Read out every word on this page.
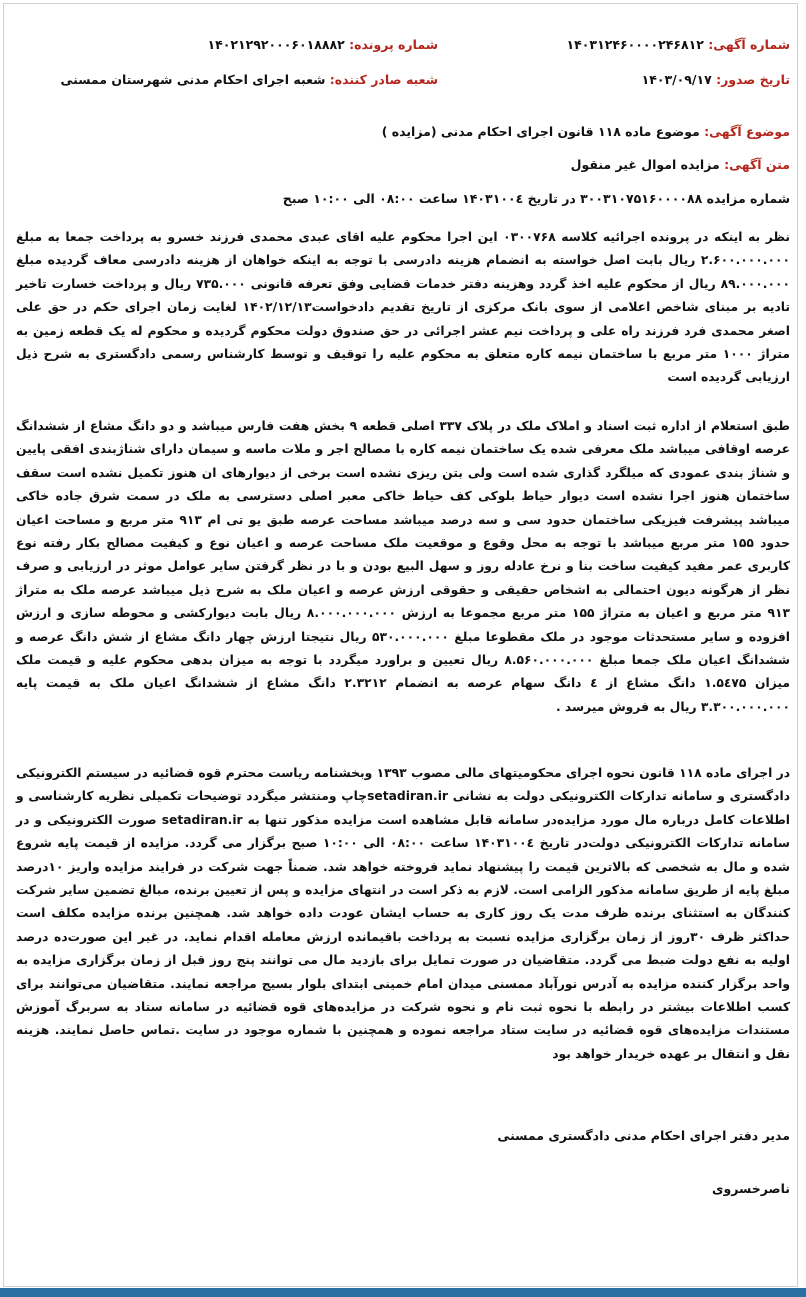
شماره آگهی: ۱۴۰۳۱۲۴۶۰۰۰۰۲۴۶۸۱۲
شماره پرونده: ۱۴۰۲۱۲۹۲۰۰۰۶۰۱۸۸۸۲
تاریخ صدور: ۱۴۰۳/۰۹/۱۷
شعبه صادر کننده: شعبه اجرای احکام مدنی شهرستان ممسنی
موضوع آگهی: موضوع ماده ۱۱۸ قانون اجرای احکام مدنی (مزایده )
متن آگهی: مزایده اموال غیر منقول
شماره مزایده ۳۰۰۳۱۰۷۵۱۶۰۰۰۰۸۸ در تاریخ ۱۴۰۳۱۰۰٤ ساعت ۰۸:۰۰ الی ۱۰:۰۰ صبح
نظر به اینکه در پرونده اجرائیه کلاسه ۰۳۰۰۷۶۸ این اجرا محکوم علیه اقای عبدی محمدی فرزند خسرو به پرداخت جمعا به مبلغ ۲.۶۰۰.۰۰۰.۰۰۰ ریال بابت اصل خواسته به انضمام هزینه دادرسی با توجه به اینکه خواهان از هزینه دادرسی معاف گردیده مبلغ ۸۹.۰۰۰.۰۰۰ ریال از محکوم علیه اخذ گردد وهزینه دفتر خدمات قضایی وفق تعرفه قانونی ۷۳۵.۰۰۰ ریال و پرداخت خسارت تاخیر تادیه بر مبنای شاخص اعلامی از سوی بانک مرکزی از تاریخ تقدیم دادخواست۱۴۰۲/۱۲/۱۳ لغایت زمان اجرای حکم در حق علی اصغر محمدی فرد فرزند راه علی و پرداخت نیم عشر اجرائی در حق صندوق دولت محکوم گردیده و محکوم له یک قطعه زمین به متراژ ۱۰۰۰ متر مربع با ساختمان نیمه کاره متعلق به محکوم علیه را توقیف و توسط کارشناس رسمی دادگستری به شرح ذیل ارزیابی گردیده است
طبق استعلام از اداره ثبت اسناد و املاک ملک در پلاک ۳۳۷ اصلی قطعه ۹ بخش هفت فارس میباشد و دو دانگ مشاع از ششدانگ عرصه اوقافی میباشد ملک معرفی شده یک ساختمان نیمه کاره با مصالح اجر و ملات ماسه و سیمان دارای شناژبندی افقی پایین و شناژ بندی عمودی که میلگرد گذاری شده است ولی بتن ریزی نشده است برخی از دیوارهای ان هنوز تکمیل نشده است سقف ساختمان هنوز اجرا نشده است دیوار حیاط بلوکی کف حیاط خاکی معبر اصلی دسترسی به ملک در سمت شرق جاده خاکی میباشد پیشرفت فیزیکی ساختمان حدود سی و سه درصد میباشد مساحت عرصه طبق یو تی ام ۹۱۳ متر مربع و مساحت اعیان حدود ۱۵۵ متر مربع میباشد با توجه به محل وقوع و موقعیت ملک مساحت عرصه و اعیان نوع و کیفیت مصالح بکار رفته نوع کاربری عمر مفید کیفیت ساخت بنا و نرخ عادله روز و سهل البیع بودن و با در نظر گرفتن سایر عوامل موثر در ارزیابی و صرف نظر از هرگونه دیون احتمالی به اشخاص حقیقی و حقوقی ارزش عرصه و اعیان ملک به شرح ذیل میباشد عرصه ملک به متراژ ۹۱۳ متر مربع و اعیان به متراژ ۱۵۵ متر مربع مجموعا به ارزش ۸.۰۰۰.۰۰۰.۰۰۰ ریال بابت دیوارکشی و محوطه سازی و ارزش افزوده و سایر مستحدثات موجود در ملک مقطوعا مبلغ ۵۳۰.۰۰۰.۰۰۰ ریال نتیجتا ارزش چهار دانگ مشاع از شش دانگ عرصه و ششدانگ اعیان ملک جمعا مبلغ ۸.۵۶۰.۰۰۰.۰۰۰ ریال تعیین و براورد میگردد با توجه به میزان بدهی محکوم علیه و قیمت ملک میزان ۱.۵٤۷۵ دانگ مشاع از ٤ دانگ سهام عرصه به انضمام ۲.۳۲۱۲ دانگ مشاع از ششدانگ اعیان ملک به قیمت پایه ۳.۳۰۰.۰۰۰.۰۰۰ ریال به فروش میرسد .
در اجرای ماده ۱۱۸ قانون نحوه اجرای محکومیتهای مالی مصوب ۱۳۹۳ وبخشنامه ریاست محترم قوه قضائیه در سیستم الکترونیکی دادگستری و سامانه تدارکات الکترونیکی دولت به نشانی setadiran.irچاپ ومنتشر میگردد توضیحات تکمیلی نظریه کارشناسی و اطلاعات کامل درباره مال مورد مزایده‌در سامانه قابل مشاهده است مزایده مذکور تنها به setadiran.ir صورت الکترونیکی و در سامانه تدارکات الکترونیکی دولت‌در تاریخ ۱۴۰۳۱۰۰٤ ساعت ۰۸:۰۰ الی ۱۰:۰۰ صبح برگزار می گردد. مزایده از قیمت پایه شروع شده و مال به شخصی که بالاترین قیمت را پیشنهاد نماید فروخته خواهد شد. ضمناً جهت شرکت در فرایند مزایده واریز ۱۰درصد مبلغ پایه از طریق سامانه مذکور الزامی است. لازم به ذکر است در انتهای مزایده و پس از تعیین برنده، مبالغ تضمین سایر شرکت کنندگان به استثنای برنده ظرف مدت یک روز کاری به حساب ایشان عودت داده خواهد شد. همچنین برنده مزایده مکلف است حداکثر ظرف ۳۰روز از زمان برگزاری مزایده نسبت به پرداخت باقیمانده ارزش معامله اقدام نماید. در غیر این صورت‌ده درصد اولیه به نفع دولت ضبط می گردد. متقاضیان در صورت تمایل برای بازدید مال می توانند پنج روز قبل از زمان برگزاری مزایده به واحد برگزار کننده مزایده به آدرس نورآباد ممسنی میدان امام خمینی ابتدای بلوار بسیج مراجعه نمایند. متقاضیان می‌توانند برای کسب اطلاعات بیشتر در رابطه با نحوه ثبت نام و نحوه شرکت در مزایده‌های قوه قضائیه در سامانه ستاد به سربرگ آموزش مستندات مزایده‌های قوه قضائیه در سایت ستاد مراجعه نموده و همچنین با شماره موجود در سایت .تماس حاصل نمایند. هزینه نقل و انتقال بر عهده خریدار خواهد بود
مدیر دفتر اجرای احکام مدنی دادگستری ممسنی
ناصرخسروی
